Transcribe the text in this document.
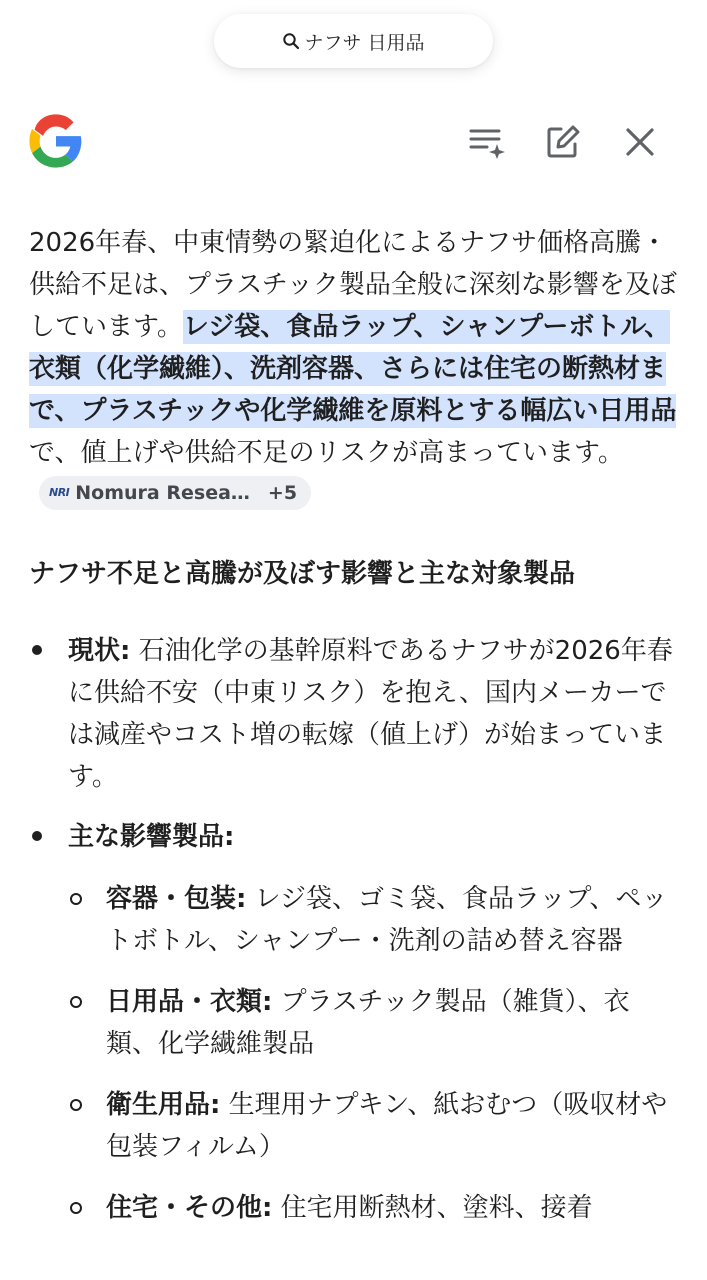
ナフサ 日用品

2026年春、中東情勢の緊迫化によるナフサ価格高騰・供給不足は、プラスチック製品全般に深刻な影響を及ぼしています。レジ袋、食品ラップ、シャンプーボトル、衣類（化学繊維）、洗剤容器、さらには住宅の断熱材まで、プラスチックや化学繊維を原料とする幅広い日用品で、値上げや供給不足のリスクが高まっています。
NRI Nomura Resea… +5

ナフサ不足と高騰が及ぼす影響と主な対象製品
現状: 石油化学の基幹原料であるナフサが2026年春に供給不安（中東リスク）を抱え、国内メーカーでは減産やコスト増の転嫁（値上げ）が始まっています。
主な影響製品:
容器・包装: レジ袋、ゴミ袋、食品ラップ、ペットボトル、シャンプー・洗剤の詰め替え容器
日用品・衣類: プラスチック製品（雑貨）、衣類、化学繊維製品
衛生用品: 生理用ナプキン、紙おむつ（吸収材や包装フィルム）
住宅・その他: 住宅用断熱材、塗料、接着
